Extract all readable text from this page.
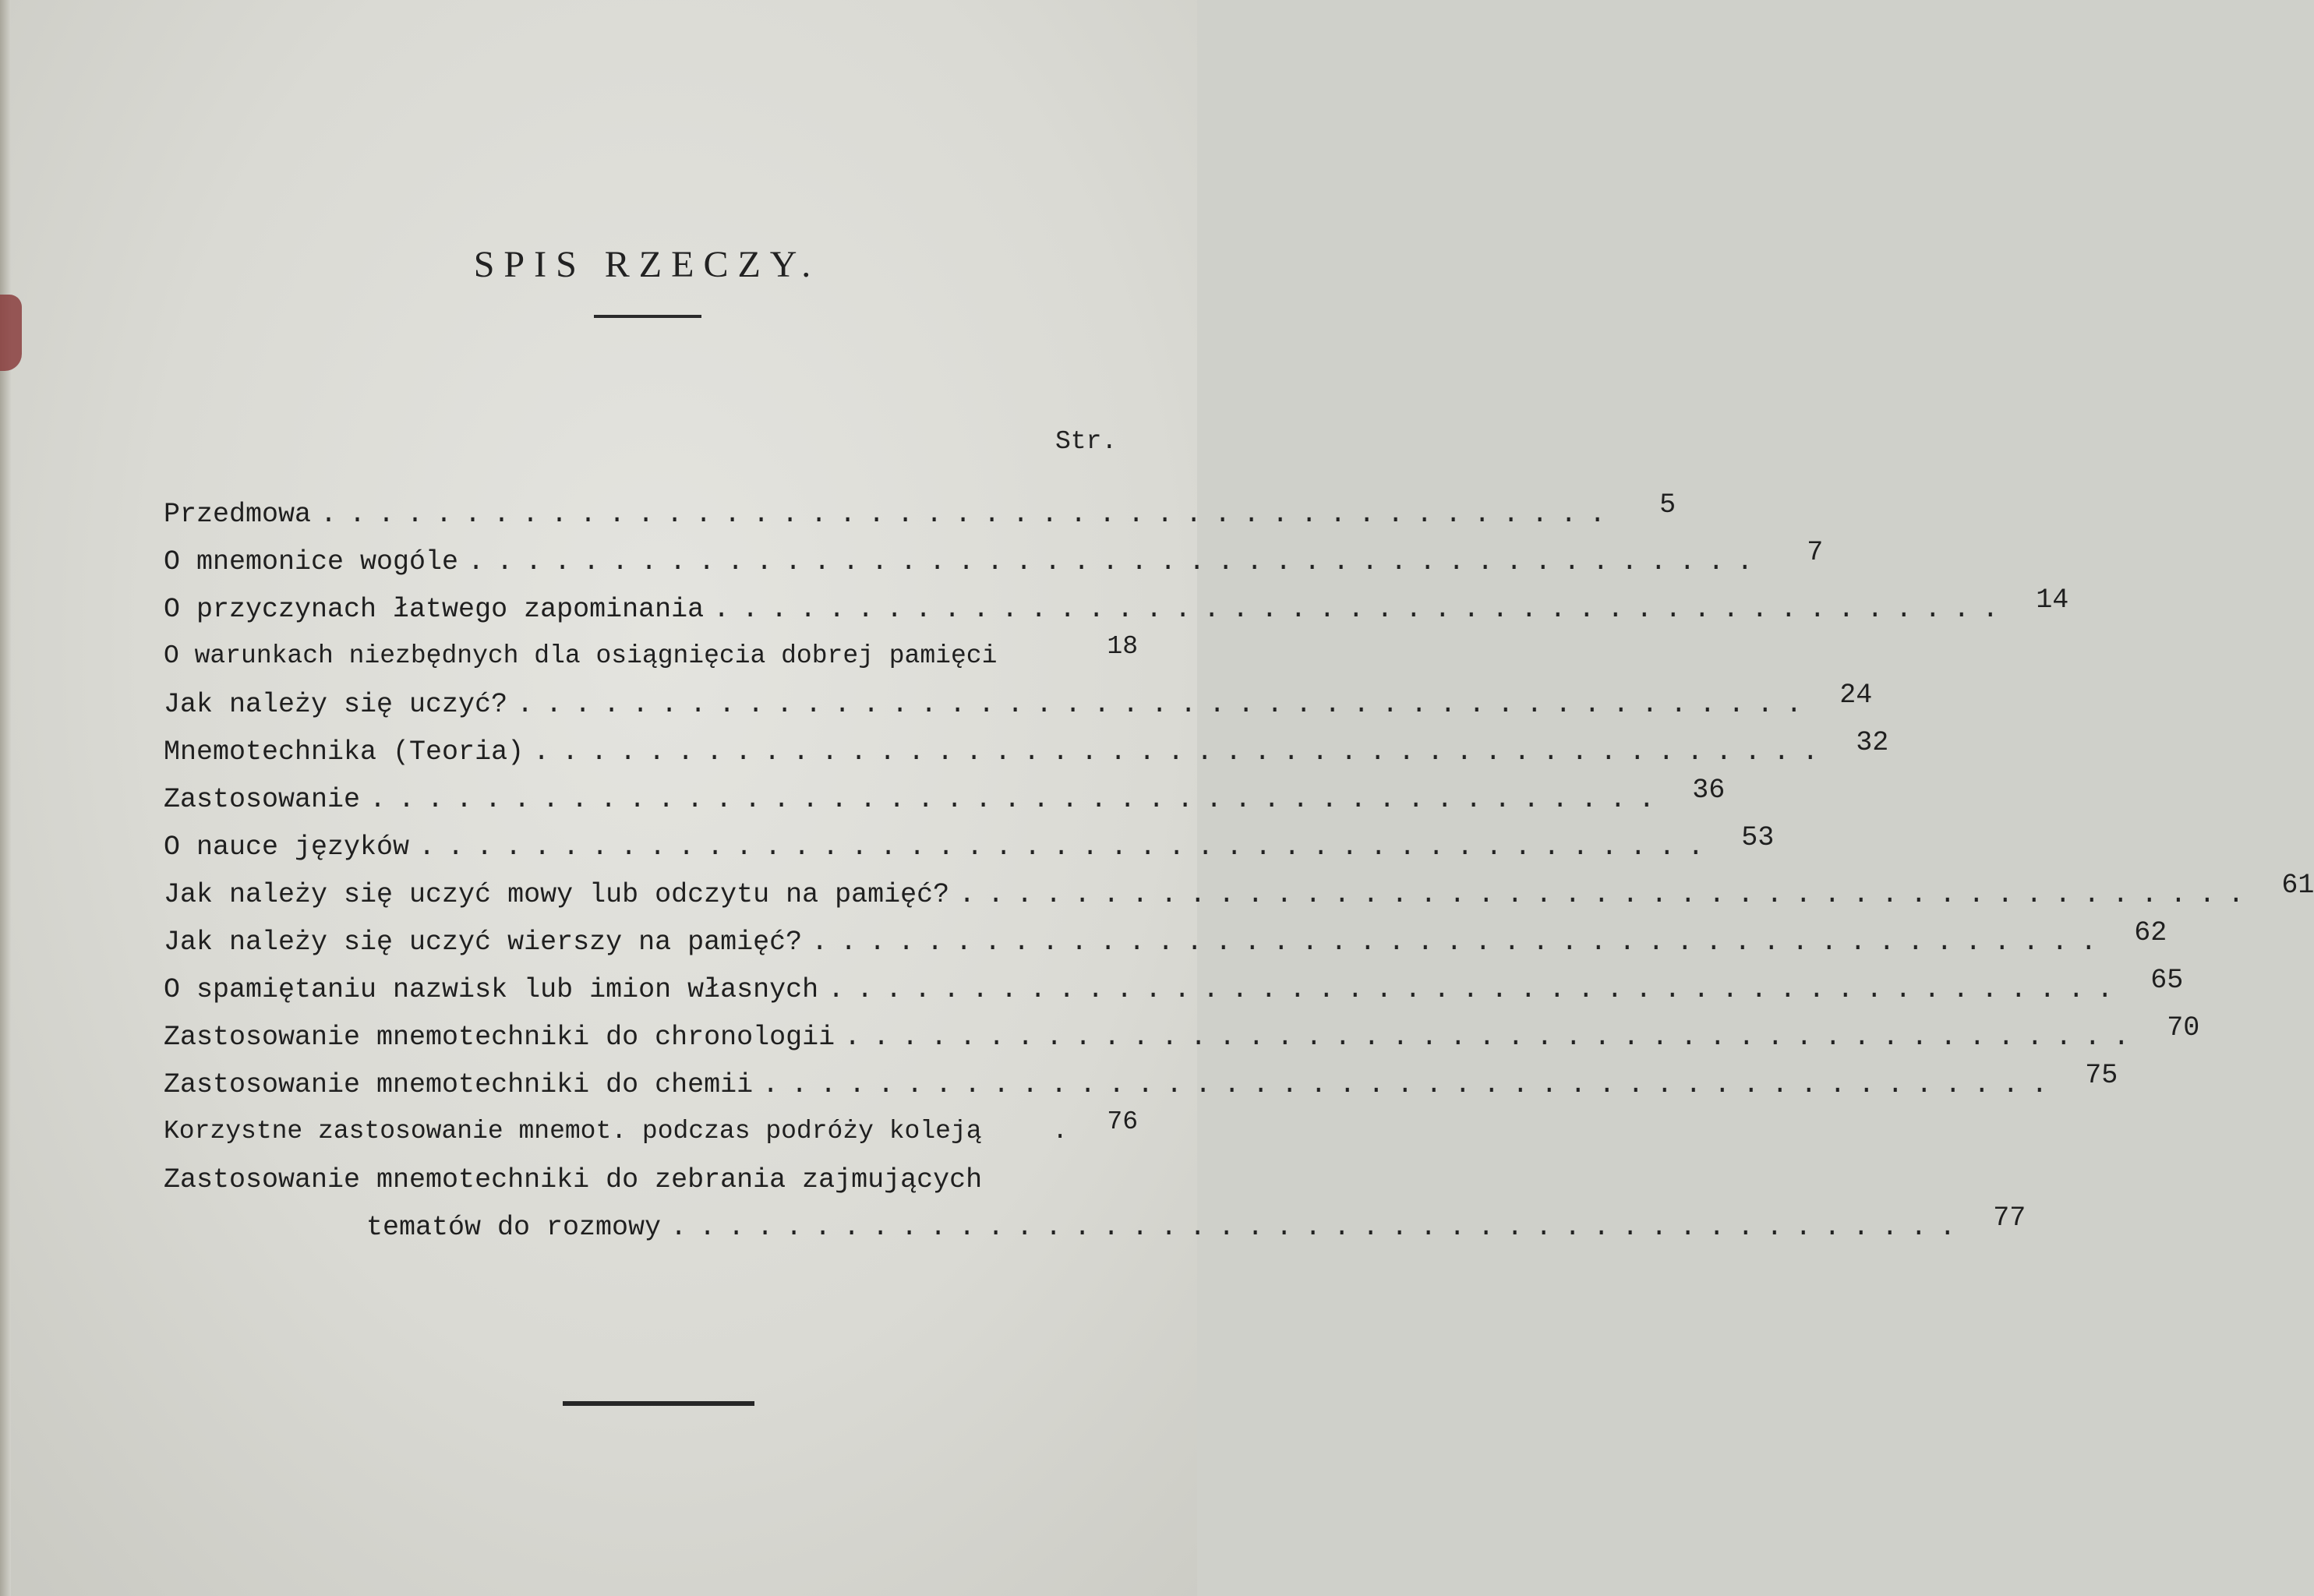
SPIS RZECZY.
Str.
Przedmowa .............................................	5
O mnemonice wogóle .............................................	7
O przyczynach łatwego zapominania ............................................. 14
O warunkach niezbędnych dla osiągnięcia dobrej pamięci	18
Jak należy się uczyć? ............................................. 24
Mnemotechnika (Teoria) ............................................. 32
Zastosowanie ............................................. 36
O nauce języków ............................................. 53
Jak należy się uczyć mowy lub odczytu na pamięć? ............................................. 61
Jak należy się uczyć wierszy na pamięć? ............................................. 62
O spamiętaniu nazwisk lub imion własnych ............................................. 65
Zastosowanie mnemotechniki do chronologii ............................................. 70
Zastosowanie mnemotechniki do chemii ............................................. 75
Korzystne zastosowanie mnemot. podczas podróży koleją	.	76
Zastosowanie mnemotechniki do zebrania zajmujących
tematów do rozmowy ............................................. 77
